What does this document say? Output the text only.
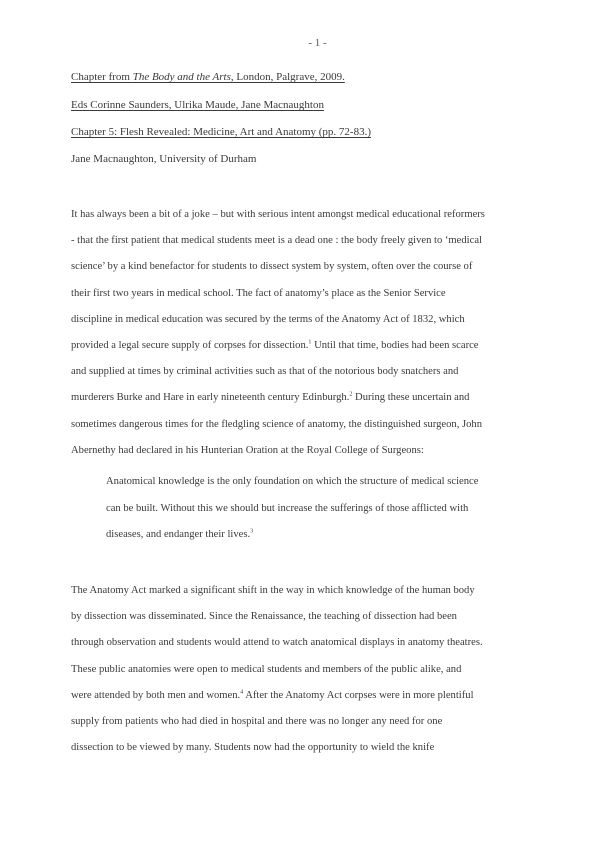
- 1 -
Chapter from The Body and the Arts, London, Palgrave, 2009.
Eds Corinne Saunders, Ulrika Maude, Jane Macnaughton
Chapter 5: Flesh Revealed: Medicine, Art and Anatomy (pp. 72-83.)
Jane Macnaughton, University of Durham

It has always been a bit of a joke – but with serious intent amongst medical educational reformers

- that the first patient that medical students meet is a dead one : the body freely given to ‘medical

science’ by a kind benefactor for students to dissect system by system, often over the course of

their first two years in medical school. The fact of anatomy’s place as the Senior Service

discipline in medical education was secured by the terms of the Anatomy Act of 1832, which

provided a legal secure supply of corpses for dissection.$^1$ Until that time, bodies had been scarce

and supplied at times by criminal activities such as that of the notorious body snatchers and

murderers Burke and Hare in early nineteenth century Edinburgh.$^2$ During these uncertain and

sometimes dangerous times for the fledgling science of anatomy, the distinguished surgeon, John

Abernethy had declared in his Hunterian Oration at the Royal College of Surgeons:

Anatomical knowledge is the only foundation on which the structure of medical science
can be built. Without this we should but increase the sufferings of those afflicted with
diseases, and endanger their lives.$^3$

The Anatomy Act marked a significant shift in the way in which knowledge of the human body

by dissection was disseminated. Since the Renaissance, the teaching of dissection had been

through observation and students would attend to watch anatomical displays in anatomy theatres.

These public anatomies were open to medical students and members of the public alike, and

were attended by both men and women.$^4$ After the Anatomy Act corpses were in more plentiful

supply from patients who had died in hospital and there was no longer any need for one

dissection to be viewed by many. Students now had the opportunity to wield the knife
